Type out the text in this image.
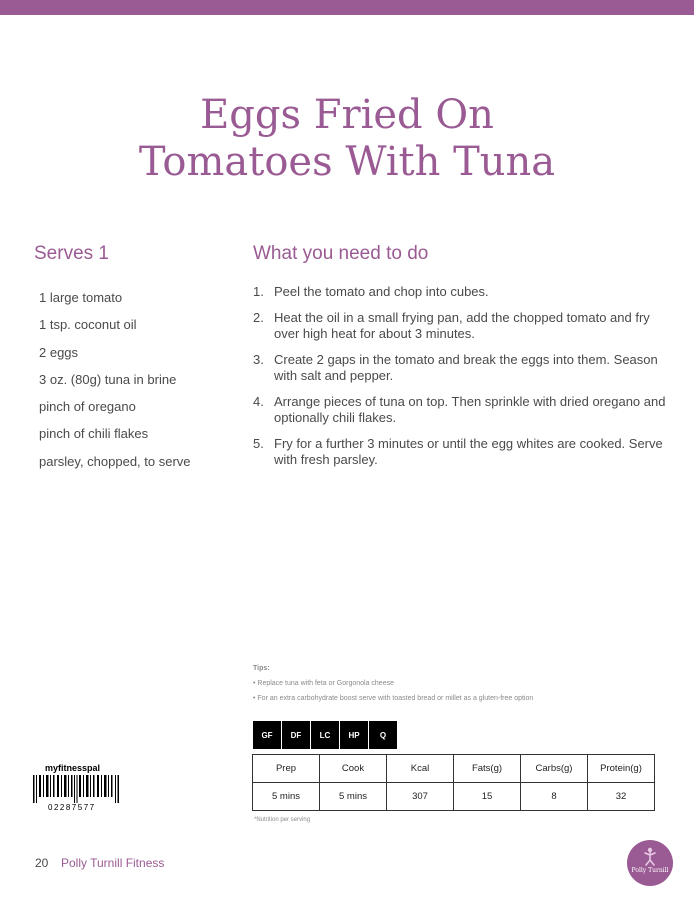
Eggs Fried On
Tomatoes With Tuna
Serves 1
1 large tomato
1 tsp. coconut oil
2 eggs
3 oz. (80g) tuna in brine
pinch of oregano
pinch of chili flakes
parsley, chopped, to serve
What you need to do
1. Peel the tomato and chop into cubes.
2. Heat the oil in a small frying pan, add the chopped tomato and fry over high heat for about 3 minutes.
3. Create 2 gaps in the tomato and break the eggs into them. Season with salt and pepper.
4. Arrange pieces of tuna on top. Then sprinkle with dried oregano and optionally chili flakes.
5. Fry for a further 3 minutes or until the egg whites are cooked. Serve with fresh parsley.
Tips:
• Replace tuna with feta or Gorgonola cheese
• For an extra carbohydrate boost serve with toasted bread or millet as a gluten-free option
GF	DF	LC	HP	Q
Prep	Cook	Kcal	Fats(g)	Carbs(g)	Protein(g)
5 mins	5 mins	307	15	8	32
*Nutrition per serving
myfitnesspal
02287577
20 Polly Turnill Fitness
Polly Turnill
